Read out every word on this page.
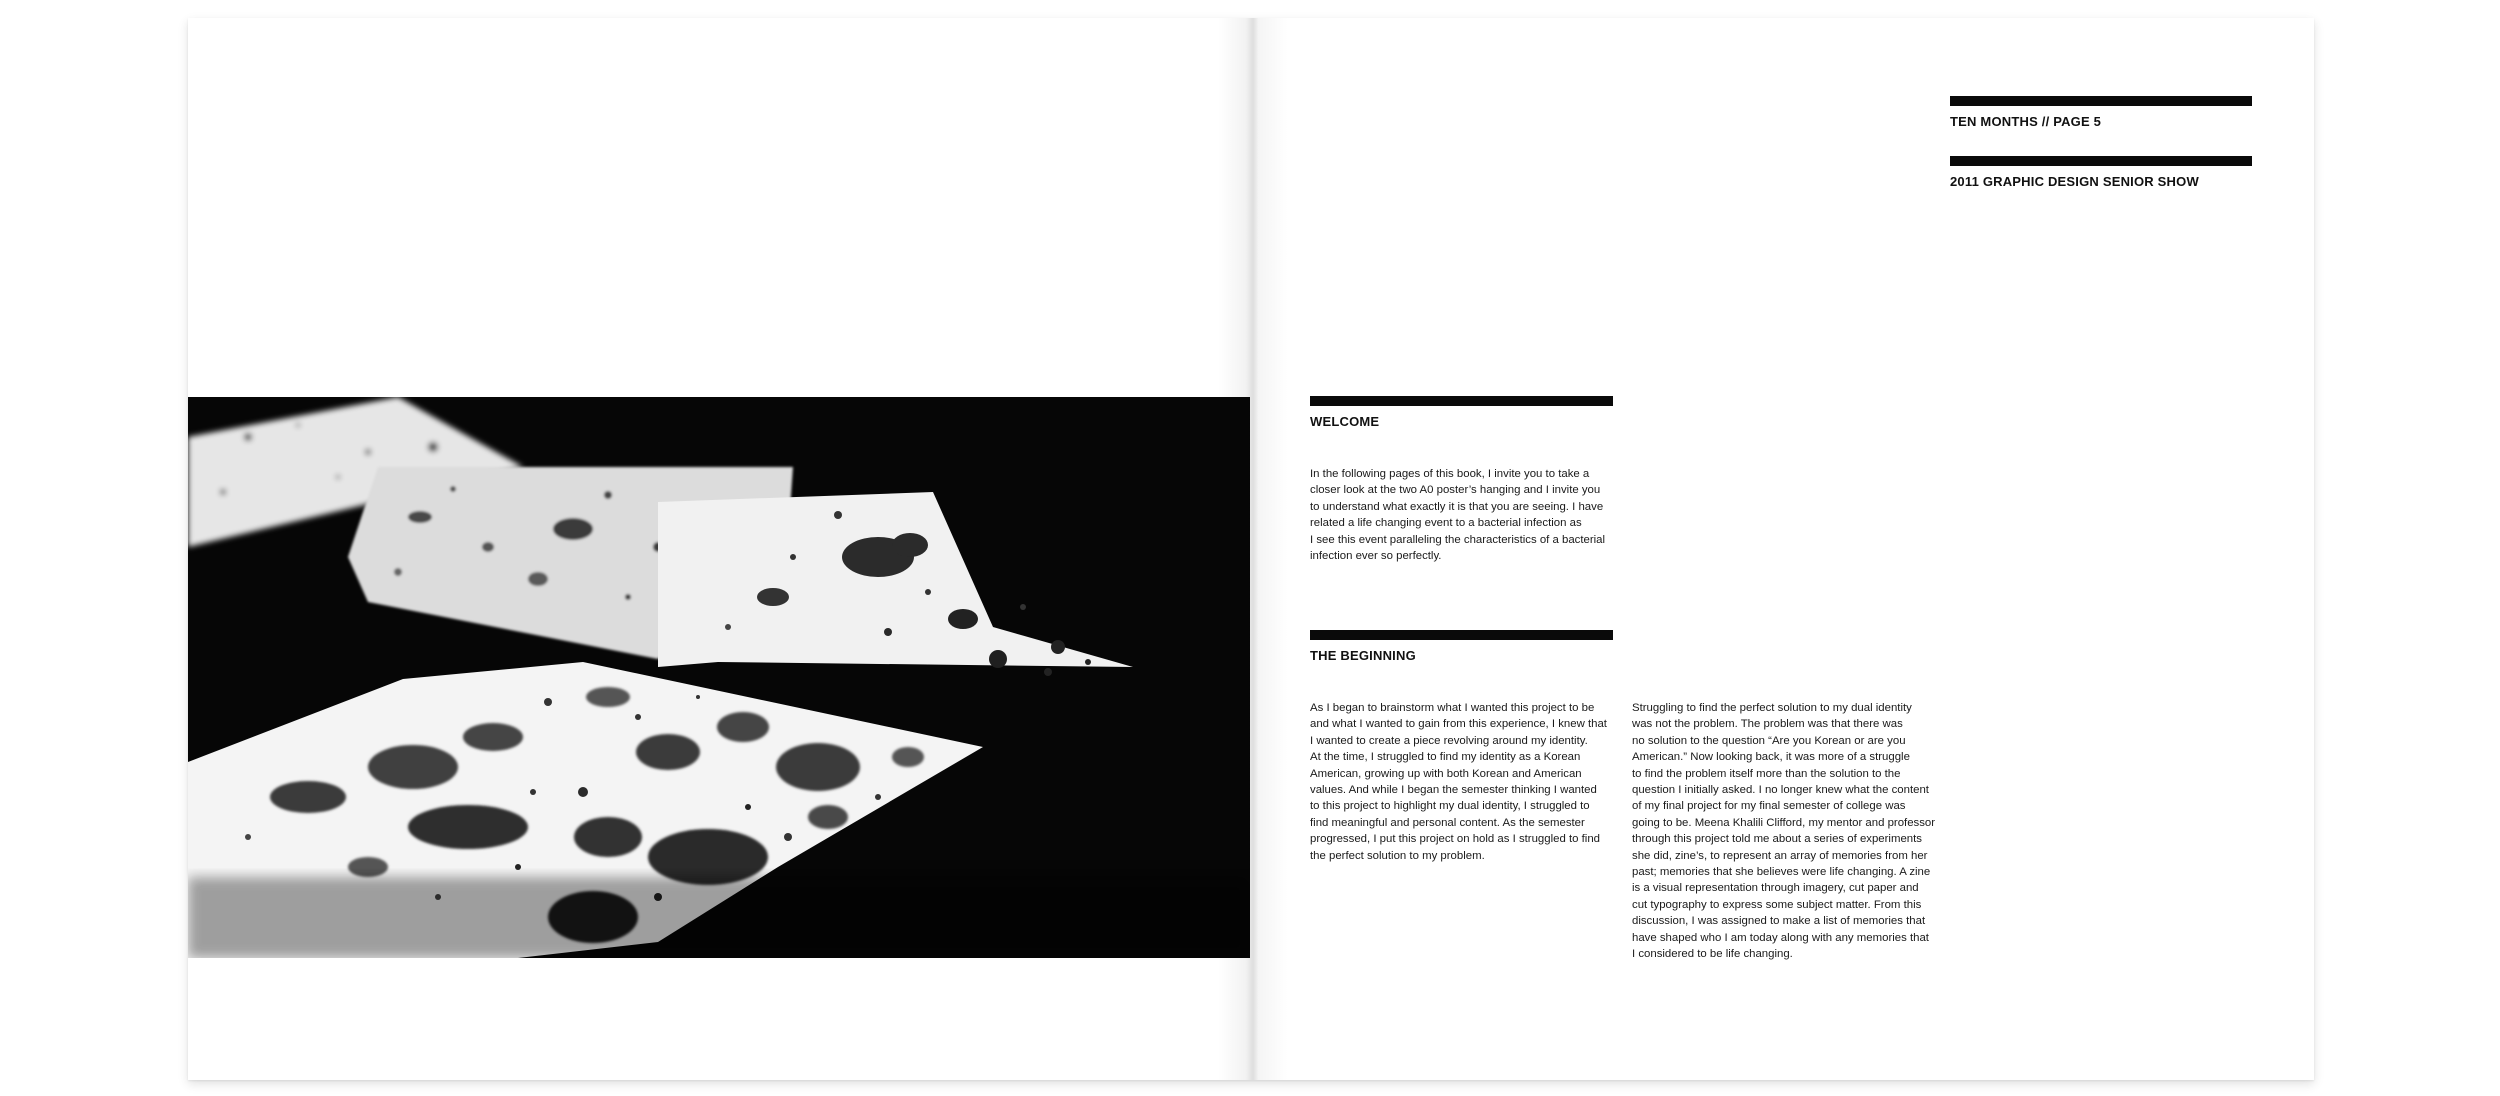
TEN MONTHS // PAGE 5
2011 GRAPHIC DESIGN SENIOR SHOW
WELCOME
In the following pages of this book, I invite you to take a
closer look at the two A0 poster’s hanging and I invite you
to understand what exactly it is that you are seeing. I have
related a life changing event to a bacterial infection as
I see this event paralleling the characteristics of a bacterial
infection ever so perfectly.
THE BEGINNING
As I began to brainstorm what I wanted this project to be
and what I wanted to gain from this experience, I knew that
I wanted to create a piece revolving around my identity.
At the time, I struggled to find my identity as a Korean
American, growing up with both Korean and American
values. And while I began the semester thinking I wanted
to this project to highlight my dual identity, I struggled to
find meaningful and personal content. As the semester
progressed, I put this project on hold as I struggled to find
the perfect solution to my problem.
Struggling to find the perfect solution to my dual identity
was not the problem. The problem was that there was
no solution to the question “Are you Korean or are you
American.” Now looking back, it was more of a struggle
to find the problem itself more than the solution to the
question I initially asked. I no longer knew what the content
of my final project for my final semester of college was
going to be. Meena Khalili Clifford, my mentor and professor
through this project told me about a series of experiments
she did, zine’s, to represent an array of memories from her
past; memories that she believes were life changing. A zine
is a visual representation through imagery, cut paper and
cut typography to express some subject matter. From this
discussion, I was assigned to make a list of memories that
have shaped who I am today along with any memories that
I considered to be life changing.
